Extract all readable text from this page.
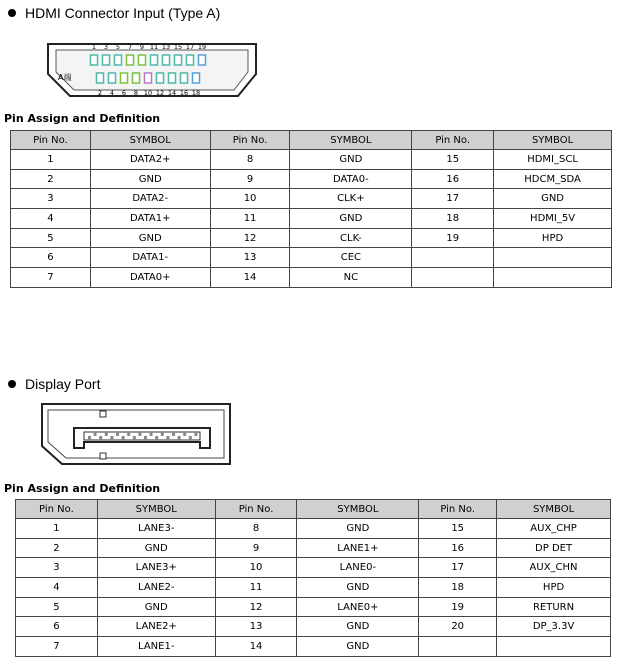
HDMI Connector Input (Type A)
A端
1 3 5 7 9 11 13 15 17 19
2 4 6 8 10 12 14 16 18
Pin Assign and Definition
Pin No.	SYMBOL	Pin No.	SYMBOL	Pin No.	SYMBOL
1	DATA2+	8	GND	15	HDMI_SCL
2	GND	9	DATA0-	16	HDCM_SDA
3	DATA2-	10	CLK+	17	GND
4	DATA1+	11	GND	18	HDMI_5V
5	GND	12	CLK-	19	HPD
6	DATA1-	13	CEC		
7	DATA0+	14	NC		
Display Port
Pin Assign and Definition
Pin No.	SYMBOL	Pin No.	SYMBOL	Pin No.	SYMBOL
1	LANE3-	8	GND	15	AUX_CHP
2	GND	9	LANE1+	16	DP DET
3	LANE3+	10	LANE0-	17	AUX_CHN
4	LANE2-	11	GND	18	HPD
5	GND	12	LANE0+	19	RETURN
6	LANE2+	13	GND	20	DP_3.3V
7	LANE1-	14	GND		
